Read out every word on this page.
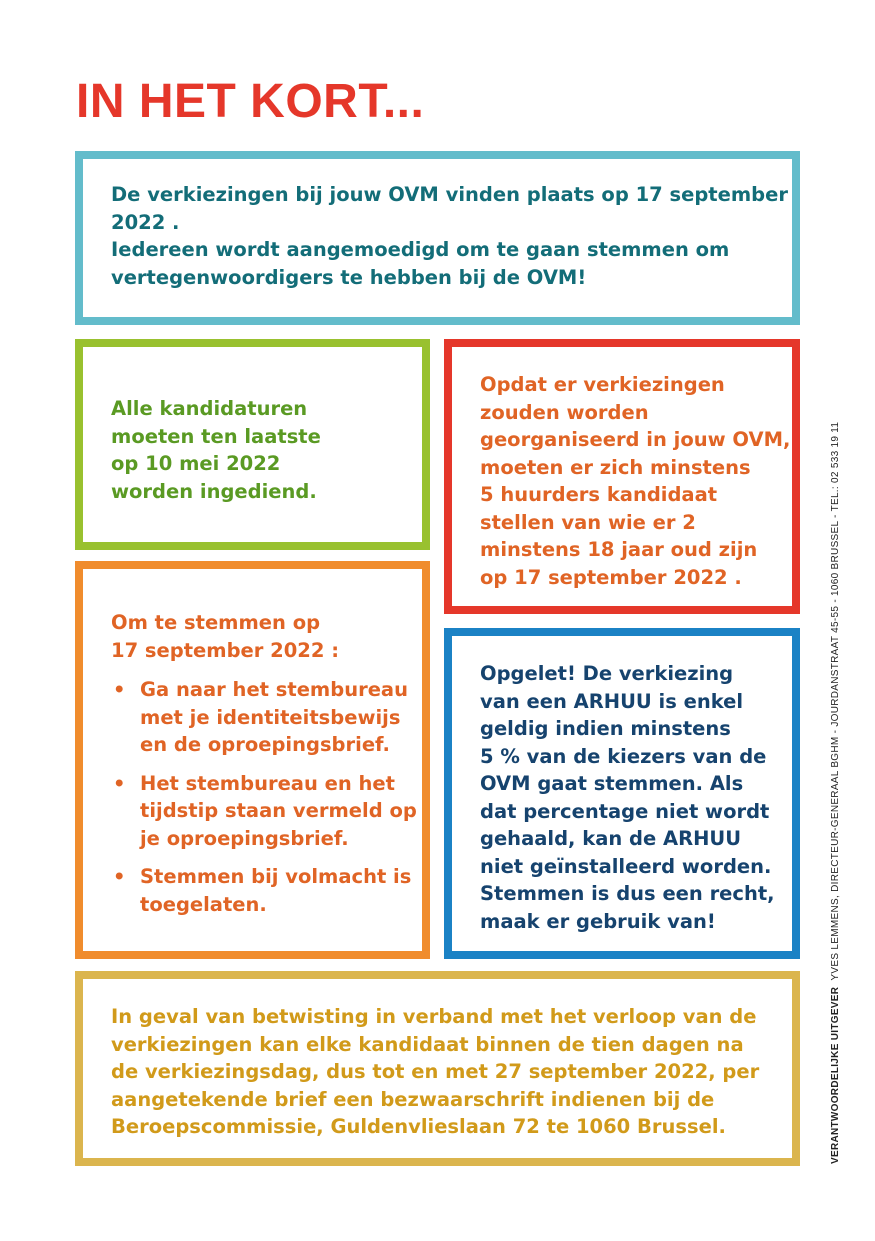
IN HET KORT...

De verkiezingen bij jouw OVM vinden plaats op 17 september
2022 .
Iedereen wordt aangemoedigd om te gaan stemmen om
vertegenwoordigers te hebben bij de OVM!

Alle kandidaturen
moeten ten laatste
op 10 mei 2022
worden ingediend.

Opdat er verkiezingen
zouden worden
georganiseerd in jouw OVM,
moeten er zich minstens
5 huurders kandidaat
stellen van wie er 2
minstens 18 jaar oud zijn
op 17 september 2022 .

Om te stemmen op
17 september 2022 :

• Ga naar het stembureau
met je identiteitsbewijs
en de oproepingsbrief.
• Het stembureau en het
tijdstip staan vermeld op
je oproepingsbrief.
• Stemmen bij volmacht is
toegelaten.

Opgelet! De verkiezing
van een ARHUU is enkel
geldig indien minstens
5 % van de kiezers van de
OVM gaat stemmen. Als
dat percentage niet wordt
gehaald, kan de ARHUU
niet geïnstalleerd worden.
Stemmen is dus een recht,
maak er gebruik van!

In geval van betwisting in verband met het verloop van de
verkiezingen kan elke kandidaat binnen de tien dagen na
de verkiezingsdag, dus tot en met 27 september 2022, per
aangetekende brief een bezwaarschrift indienen bij de
Beroepscommissie, Guldenvlieslaan 72 te 1060 Brussel.	VERANTWOORDELIJKE UITGEVER  YVES LEMMENS, DIRECTEUR-GENERAAL BGHM - JOURDANSTRAAT 45-55 - 1060 BRUSSEL - TEL.: 02 533 19 11
